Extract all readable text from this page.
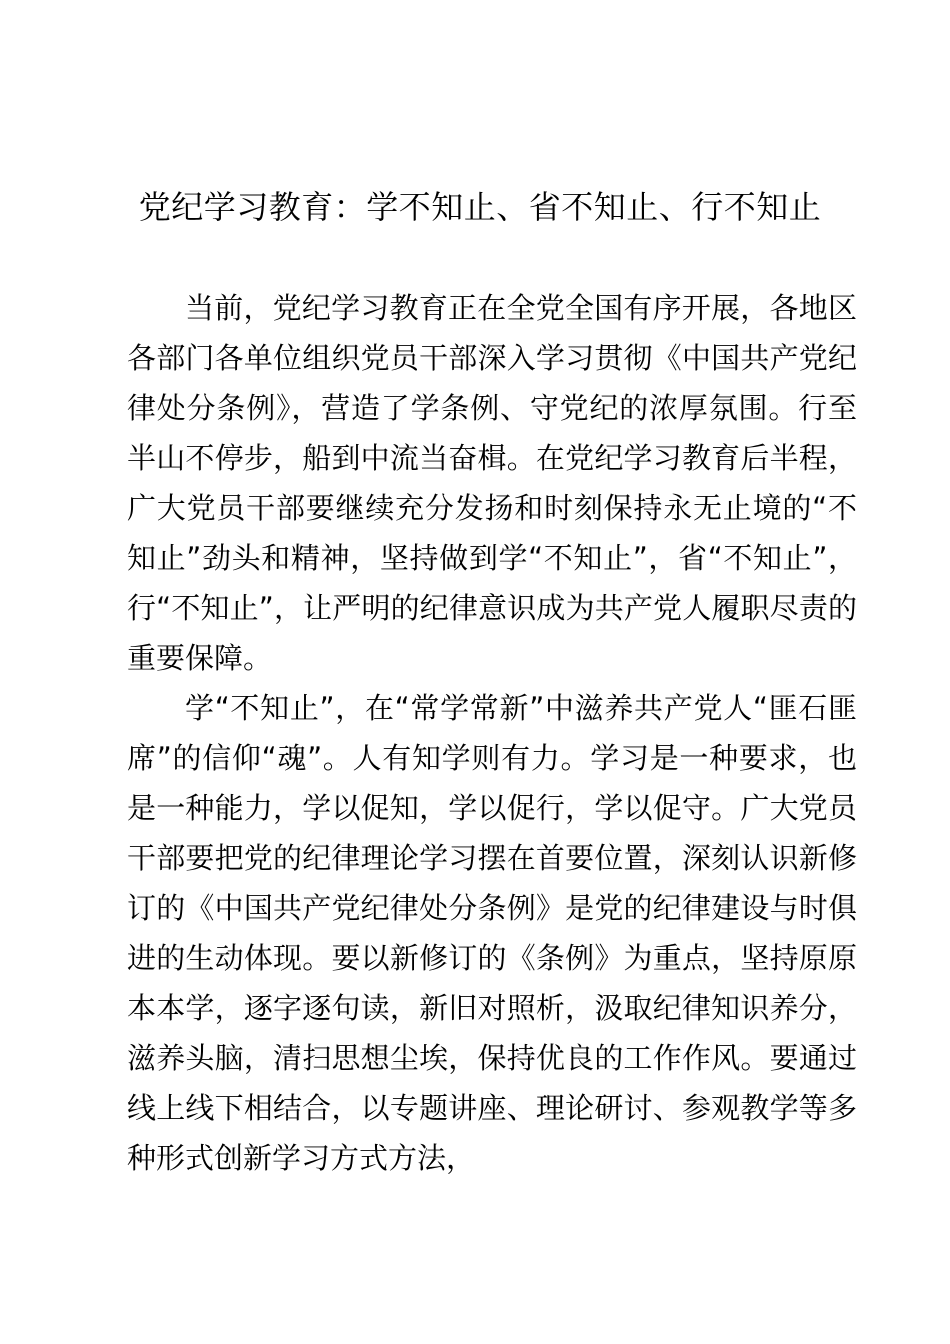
党纪学习教育：学不知止、省不知止、行不知止

当前，党纪学习教育正在全党全国有序开展，各地区各部门各单位组织党员干部深入学习贯彻《中国共产党纪律处分条例》，营造了学条例、守党纪的浓厚氛围。行至半山不停步，船到中流当奋楫。在党纪学习教育后半程，广大党员干部要继续充分发扬和时刻保持永无止境的“不知止”劲头和精神，坚持做到学“不知止”，省“不知止”，行“不知止”，让严明的纪律意识成为共产党人履职尽责的重要保障。

学“不知止”，在“常学常新”中滋养共产党人“匪石匪席”的信仰“魂”。人有知学则有力。学习是一种要求，也是一种能力，学以促知，学以促行，学以促守。广大党员干部要把党的纪律理论学习摆在首要位置，深刻认识新修订的《中国共产党纪律处分条例》是党的纪律建设与时俱进的生动体现。要以新修订的《条例》为重点，坚持原原本本学，逐字逐句读，新旧对照析，汲取纪律知识养分，滋养头脑，清扫思想尘埃，保持优良的工作作风。要通过线上线下相结合，以专题讲座、理论研讨、参观教学等多种形式创新学习方式方法，
